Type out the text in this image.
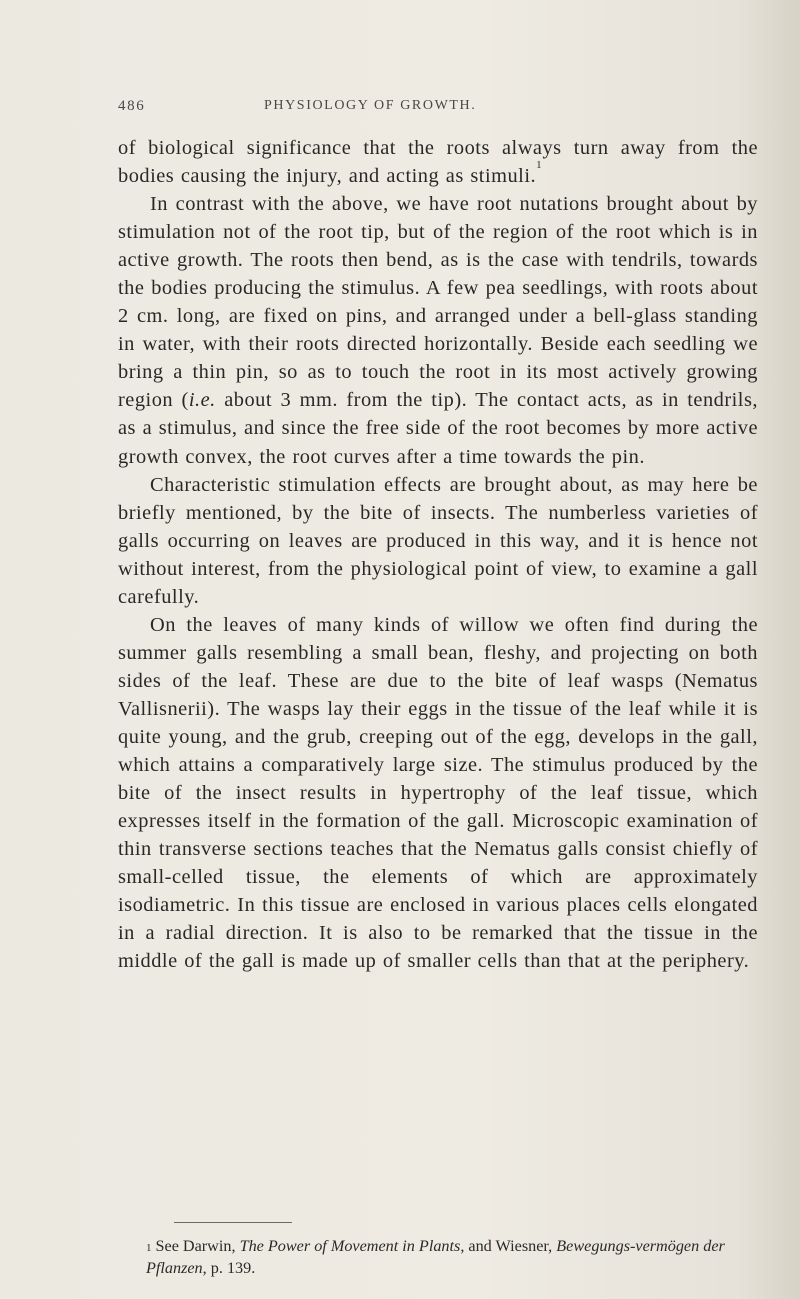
486	PHYSIOLOGY OF GROWTH.

of biological significance that the roots always turn away from the bodies causing the injury, and acting as stimuli.$^1$

In contrast with the above, we have root nutations brought about by stimulation not of the root tip, but of the region of the root which is in active growth. The roots then bend, as is the case with tendrils, towards the bodies producing the stimulus. A few pea seedlings, with roots about 2 cm. long, are fixed on pins, and arranged under a bell-glass standing in water, with their roots directed horizontally. Beside each seedling we bring a thin pin, so as to touch the root in its most actively growing region (i.e. about 3 mm. from the tip). The contact acts, as in tendrils, as a stimulus, and since the free side of the root becomes by more active growth convex, the root curves after a time towards the pin.

Characteristic stimulation effects are brought about, as may here be briefly mentioned, by the bite of insects. The numberless varieties of galls occurring on leaves are produced in this way, and it is hence not without interest, from the physiological point of view, to examine a gall carefully.

On the leaves of many kinds of willow we often find during the summer galls resembling a small bean, fleshy, and projecting on both sides of the leaf. These are due to the bite of leaf wasps (Nematus Vallisnerii). The wasps lay their eggs in the tissue of the leaf while it is quite young, and the grub, creeping out of the egg, develops in the gall, which attains a comparatively large size. The stimulus produced by the bite of the insect results in hypertrophy of the leaf tissue, which expresses itself in the formation of the gall. Microscopic examination of thin transverse sections teaches that the Nematus galls consist chiefly of small-celled tissue, the elements of which are approximately isodiametric. In this tissue are enclosed in various places cells elongated in a radial direction. It is also to be remarked that the tissue in the middle of the gall is made up of smaller cells than that at the periphery.

$^1$ See Darwin, The Power of Movement in Plants, and Wiesner, Bewegungs-vermögen der Pflanzen, p. 139.
